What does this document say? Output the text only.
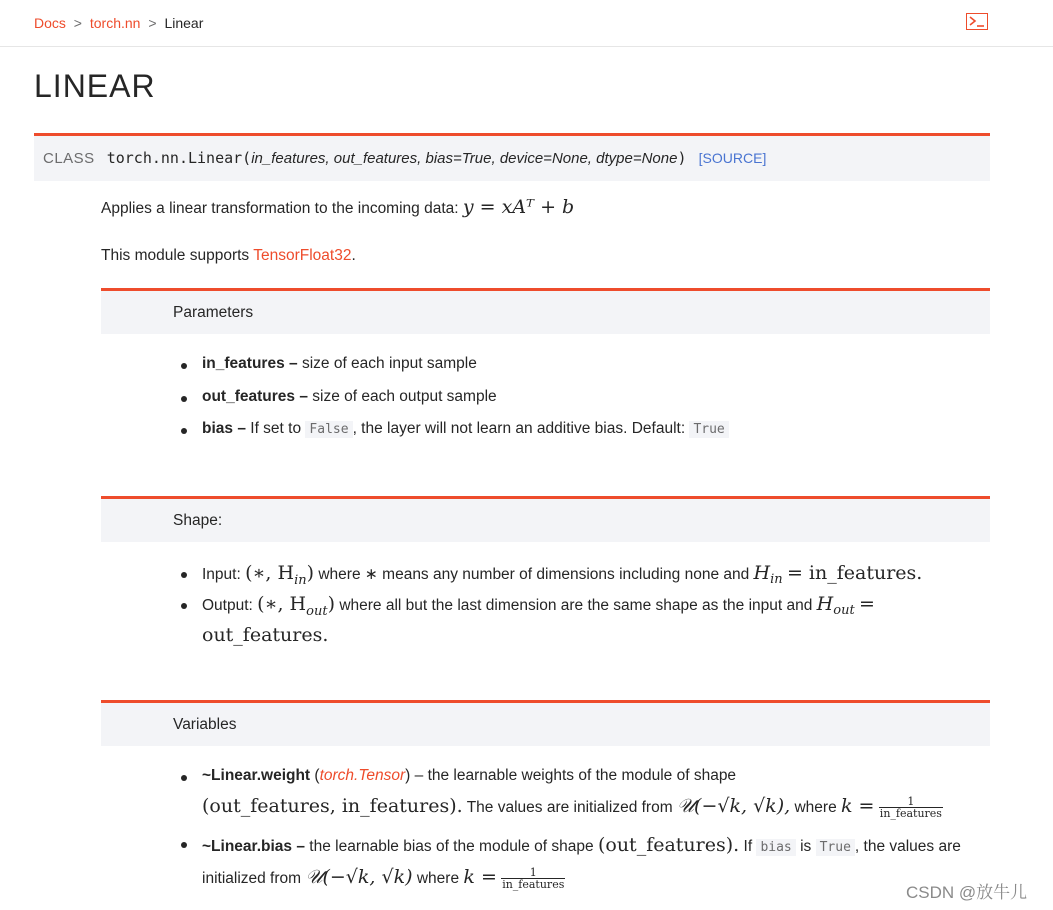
Docs > torch.nn > Linear
LINEAR
CLASS torch.nn.Linear(in_features, out_features, bias=True, device=None, dtype=None) [SOURCE]
Applies a linear transformation to the incoming data: y = xAᵀ + b
This module supports TensorFloat32.
Parameters
in_features – size of each input sample
out_features – size of each output sample
bias – If set to False , the layer will not learn an additive bias. Default: True
Shape:
Input: (∗, $H_{in}$) where ∗ means any number of dimensions including none and $H_{in}$ = in_features.
Output: (∗, $H_{out}$) where all but the last dimension are the same shape as the input and $H_{out}$ =
out_features.
Variables
~Linear.weight (torch.Tensor) – the learnable weights of the module of shape
(out_features, in_features). The values are initialized from 𝒰(−√k, √k), where $k = \frac{1}{\text{in\_features}}$
~Linear.bias – the learnable bias of the module of shape (out_features). If bias is True , the values are
initialized from 𝒰(−√k, √k) where $k = \frac{1}{\text{in\_features}}$
CSDN @放牛儿
